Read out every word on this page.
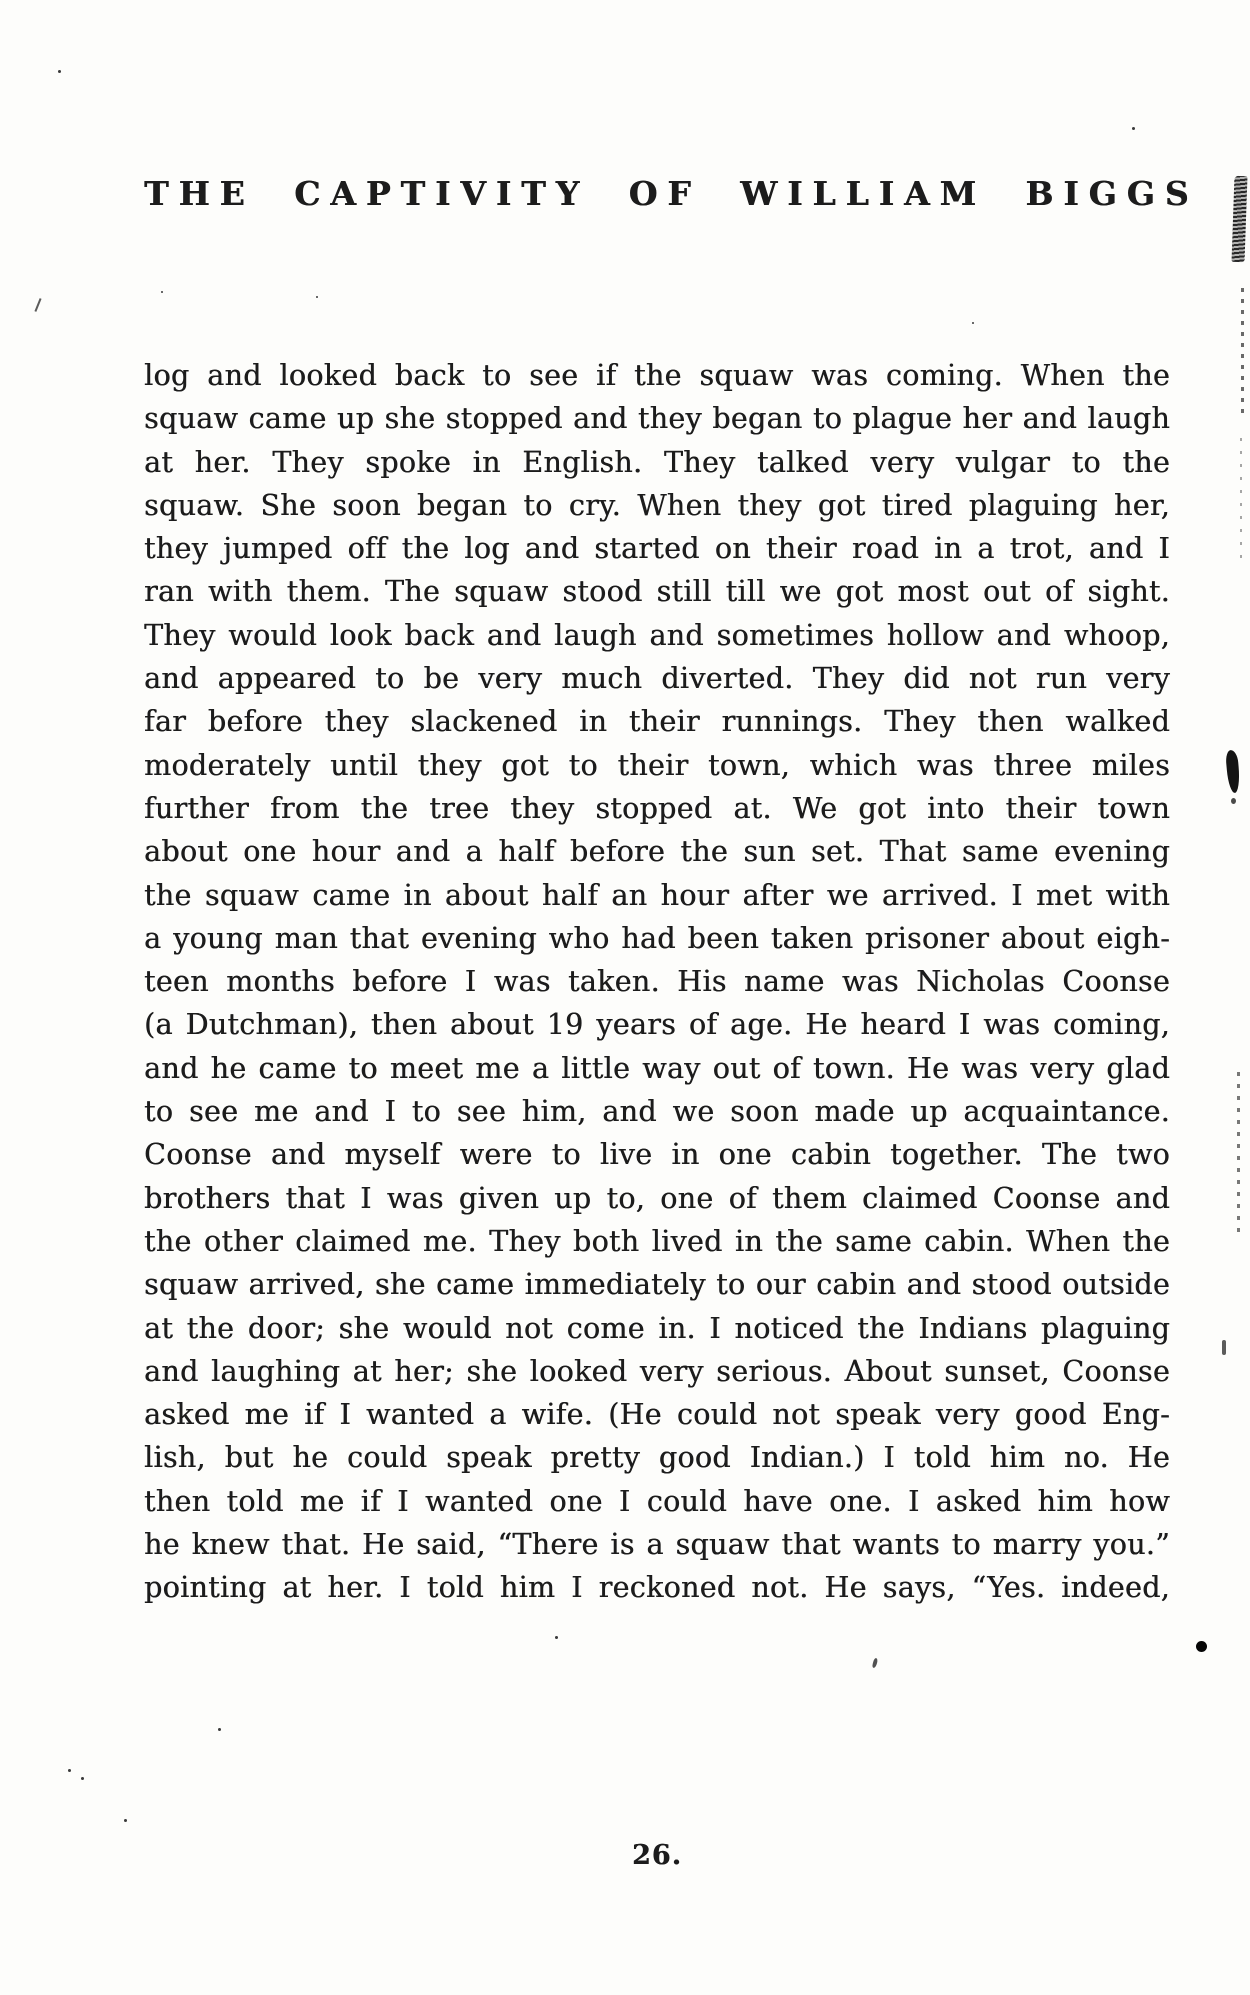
THE CAPTIVITY OF WILLIAM BIGGS
log and looked back to see if the squaw was coming. When the
squaw came up she stopped and they began to plague her and laugh
at her. They spoke in English. They talked very vulgar to the
squaw. She soon began to cry. When they got tired plaguing her,
they jumped off the log and started on their road in a trot, and I
ran with them. The squaw stood still till we got most out of sight.
They would look back and laugh and sometimes hollow and whoop,
and appeared to be very much diverted. They did not run very
far before they slackened in their runnings. They then walked
moderately until they got to their town, which was three miles
further from the tree they stopped at. We got into their town
about one hour and a half before the sun set. That same evening
the squaw came in about half an hour after we arrived. I met with
a young man that evening who had been taken prisoner about eigh-
teen months before I was taken. His name was Nicholas Coonse
(a Dutchman), then about 19 years of age. He heard I was coming,
and he came to meet me a little way out of town. He was very glad
to see me and I to see him, and we soon made up acquaintance.
Coonse and myself were to live in one cabin together. The two
brothers that I was given up to, one of them claimed Coonse and
the other claimed me. They both lived in the same cabin. When the
squaw arrived, she came immediately to our cabin and stood outside
at the door; she would not come in. I noticed the Indians plaguing
and laughing at her; she looked very serious. About sunset, Coonse
asked me if I wanted a wife. (He could not speak very good Eng-
lish, but he could speak pretty good Indian.) I told him no. He
then told me if I wanted one I could have one. I asked him how
he knew that. He said, “There is a squaw that wants to marry you.”
pointing at her. I told him I reckoned not. He says, “Yes. indeed,
26.
